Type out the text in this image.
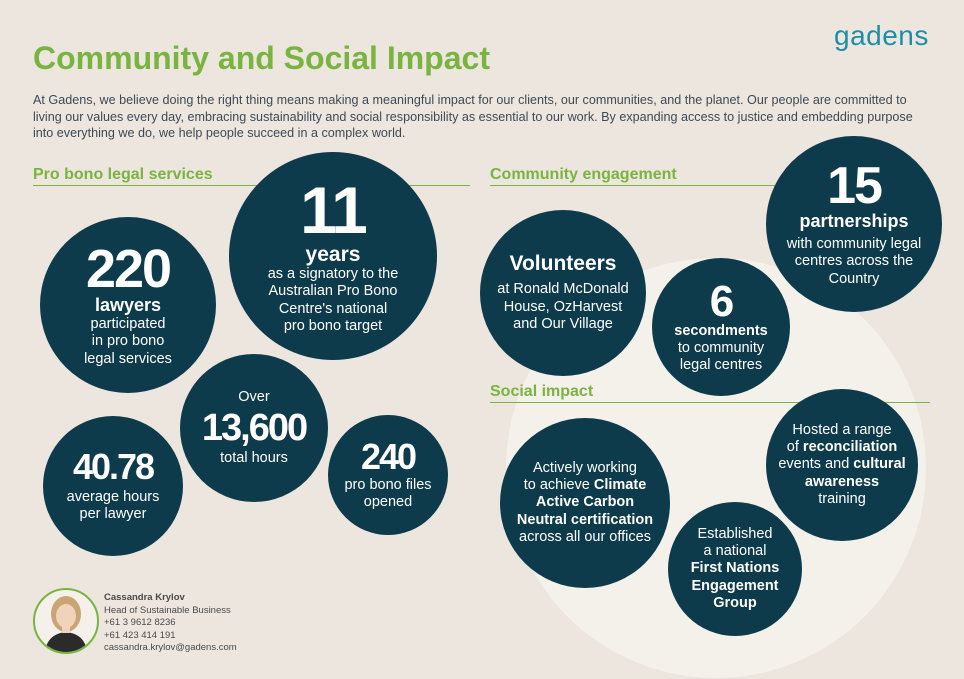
gadens
Community and Social Impact

At Gadens, we believe doing the right thing means making a meaningful impact for our clients, our communities, and the planet. Our people are committed to living our values every day, embracing sustainability and social responsibility as essential to our work. By expanding access to justice and embedding purpose into everything we do, we help people succeed in a complex world.

Pro bono legal services	Community engagement
Social impact
220
lawyers
participated
in pro bono
legal services
11
years
as a signatory to the
Australian Pro Bono
Centre's national
pro bono target
Over
13,600
total hours
40.78
average hours
per lawyer
240
pro bono files
opened
Volunteers
at Ronald McDonald
House, OzHarvest
and Our Village 6
secondments
to community
legal centres
15
partnerships
with community legal
centres across the
Country
Actively working
to achieve Climate
Active Carbon
Neutral certification
across all our offices	Established
a national
First Nations
Engagement
Group
Hosted a range
of reconciliation
events and cultural
awareness
training
Cassandra Krylov
Head of Sustainable Business
+61 3 9612 8236
+61 423 414 191
cassandra.krylov@gadens.com
